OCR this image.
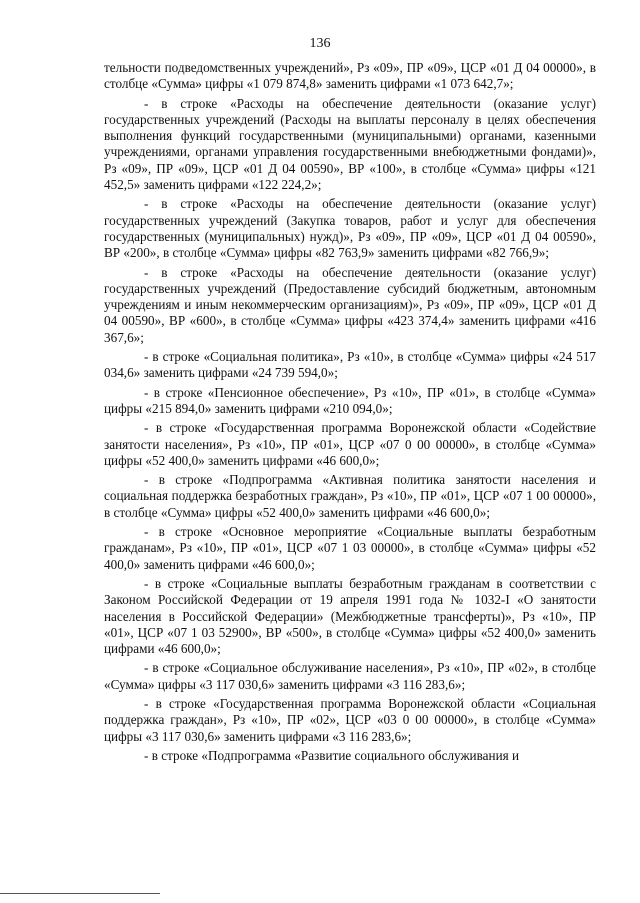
136

тельности подведомственных учреждений», Рз «09», ПР «09», ЦСР «01 Д 04 00000», в столбце «Сумма» цифры «1 079 874,8» заменить цифрами «1 073 642,7»;

- в строке «Расходы на обеспечение деятельности (оказание услуг) государственных учреждений (Расходы на выплаты персоналу в целях обеспечения выполнения функций государственными (муниципальными) органами, казенными учреждениями, органами управления государственными внебюджетными фондами)», Рз «09», ПР «09», ЦСР «01 Д 04 00590», ВР «100», в столбце «Сумма» цифры «121 452,5» заменить цифрами «122 224,2»;

- в строке «Расходы на обеспечение деятельности (оказание услуг) государственных учреждений (Закупка товаров, работ и услуг для обеспечения государственных (муниципальных) нужд)», Рз «09», ПР «09», ЦСР «01 Д 04 00590», ВР «200», в столбце «Сумма» цифры «82 763,9» заменить цифрами «82 766,9»;

- в строке «Расходы на обеспечение деятельности (оказание услуг) государственных учреждений (Предоставление субсидий бюджетным, автономным учреждениям и иным некоммерческим организациям)», Рз «09», ПР «09», ЦСР «01 Д 04 00590», ВР «600», в столбце «Сумма» цифры «423 374,4» заменить цифрами «416 367,6»;

- в строке «Социальная политика», Рз «10», в столбце «Сумма» цифры «24 517 034,6» заменить цифрами «24 739 594,0»;

- в строке «Пенсионное обеспечение», Рз «10», ПР «01», в столбце «Сумма» цифры «215 894,0» заменить цифрами «210 094,0»;

- в строке «Государственная программа Воронежской области «Содействие занятости населения», Рз «10», ПР «01», ЦСР «07 0 00 00000», в столбце «Сумма» цифры «52 400,0» заменить цифрами «46 600,0»;

- в строке «Подпрограмма «Активная политика занятости населения и социальная поддержка безработных граждан», Рз «10», ПР «01», ЦСР «07 1 00 00000», в столбце «Сумма» цифры «52 400,0» заменить цифрами «46 600,0»;

- в строке «Основное мероприятие «Социальные выплаты безработным гражданам», Рз «10», ПР «01», ЦСР «07 1 03 00000», в столбце «Сумма» цифры «52 400,0» заменить цифрами «46 600,0»;

- в строке «Социальные выплаты безработным гражданам в соответствии с Законом Российской Федерации от 19 апреля 1991 года № 1032-I «О занятости населения в Российской Федерации» (Межбюджетные трансферты)», Рз «10», ПР «01», ЦСР «07 1 03 52900», ВР «500», в столбце «Сумма» цифры «52 400,0» заменить цифрами «46 600,0»;

- в строке «Социальное обслуживание населения», Рз «10», ПР «02», в столбце «Сумма» цифры «3 117 030,6» заменить цифрами «3 116 283,6»;

- в строке «Государственная программа Воронежской области «Социальная поддержка граждан», Рз «10», ПР «02», ЦСР «03 0 00 00000», в столбце «Сумма» цифры «3 117 030,6» заменить цифрами «3 116 283,6»;

- в строке «Подпрограмма «Развитие социального обслуживания и
